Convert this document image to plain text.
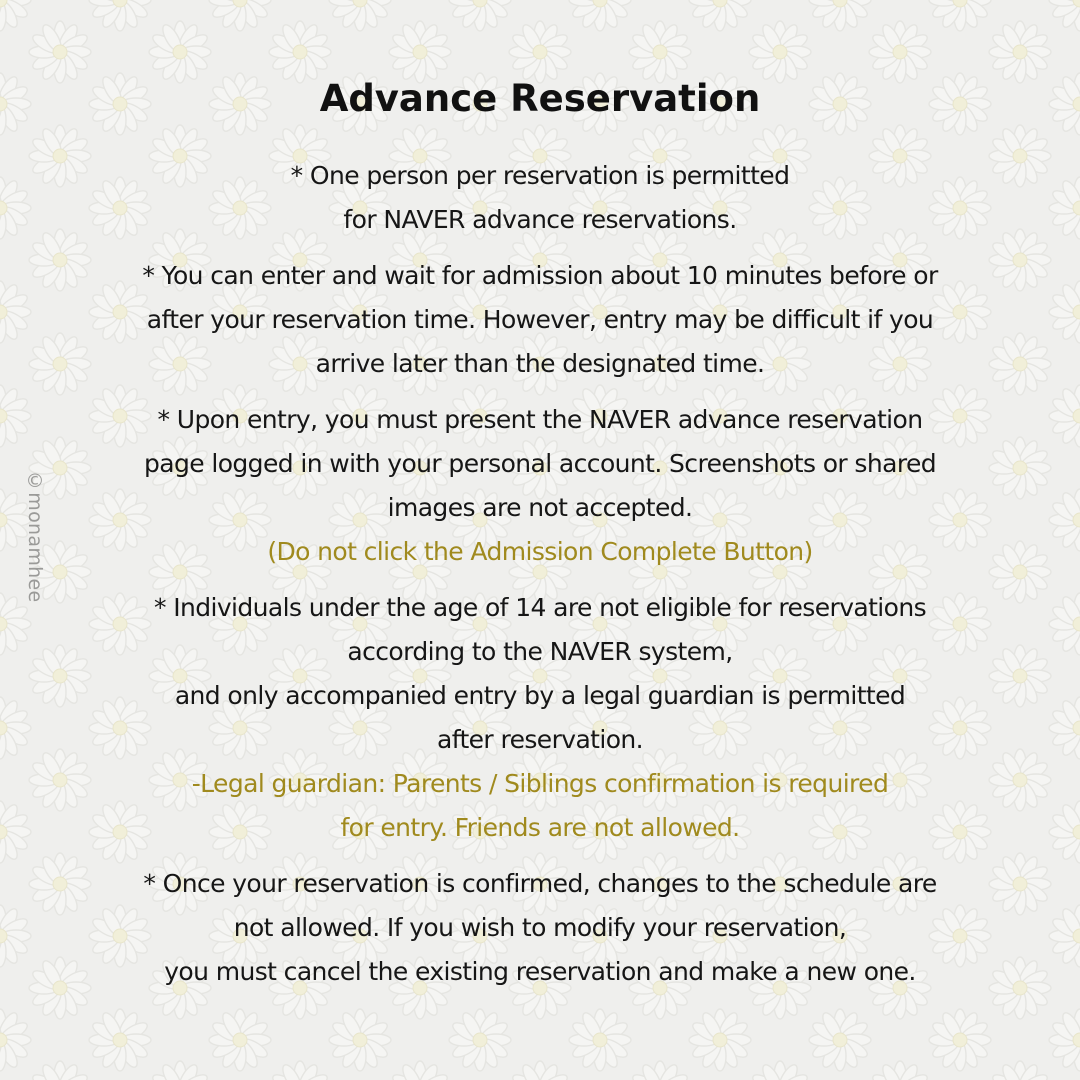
©monamhee
Advance Reservation

* One person per reservation is permitted
for NAVER advance reservations.

* You can enter and wait for admission about 10 minutes before or
after your reservation time. However, entry may be difficult if you
arrive later than the designated time.

* Upon entry, you must present the NAVER advance reservation
page logged in with your personal account. Screenshots or shared
images are not accepted.
(Do not click the Admission Complete Button)

* Individuals under the age of 14 are not eligible for reservations
according to the NAVER system,
and only accompanied entry by a legal guardian is permitted
after reservation.
-Legal guardian: Parents / Siblings confirmation is required
for entry. Friends are not allowed.

* Once your reservation is confirmed, changes to the schedule are
not allowed. If you wish to modify your reservation,
you must cancel the existing reservation and make a new one.
